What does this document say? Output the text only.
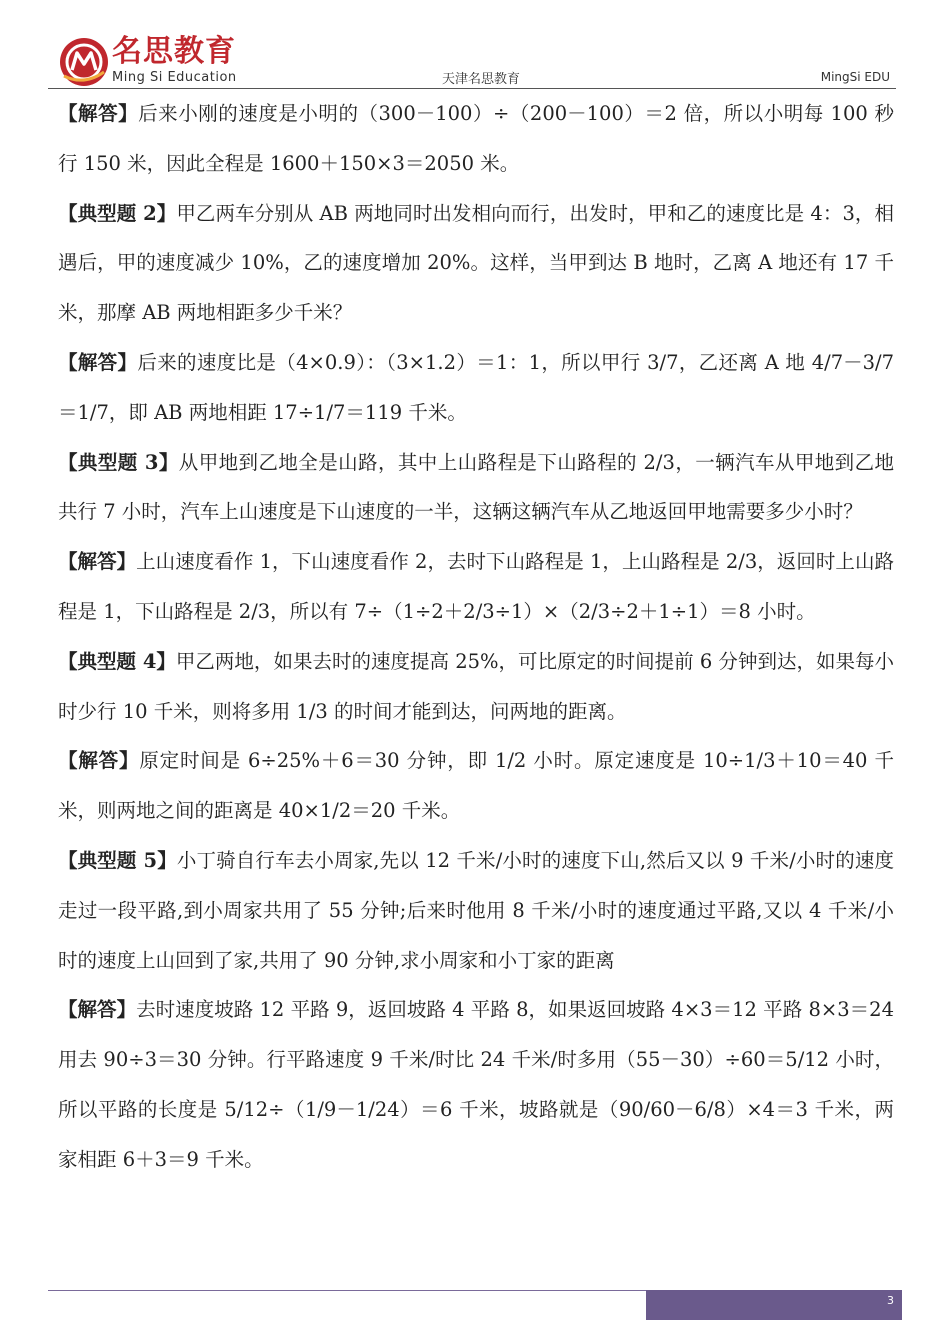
名思教育
Ming Si Education	天津名思教育	MingSi EDU

【解答】后来小刚的速度是小明的（300－100）÷（200－100）＝2 倍，所以小明每 100 秒行 150 米，因此全程是 1600＋150×3＝2050 米。

【典型题 2】甲乙两车分别从 AB 两地同时出发相向而行，出发时，甲和乙的速度比是 4：3，相遇后，甲的速度减少 10%，乙的速度增加 20%。这样，当甲到达 B 地时，乙离 A 地还有 17 千米，那摩 AB 两地相距多少千米？

【解答】后来的速度比是（4×0.9）：（3×1.2）＝1：1，所以甲行 3/7，乙还离 A 地 4/7－3/7＝1/7，即 AB 两地相距 17÷1/7＝119 千米。

【典型题 3】从甲地到乙地全是山路，其中上山路程是下山路程的 2/3，一辆汽车从甲地到乙地共行 7 小时，汽车上山速度是下山速度的一半，这辆这辆汽车从乙地返回甲地需要多少小时？

【解答】上山速度看作 1，下山速度看作 2，去时下山路程是 1，上山路程是 2/3，返回时上山路程是 1，下山路程是 2/3，所以有 7÷（1÷2＋2/3÷1）×（2/3÷2＋1÷1）＝8 小时。

【典型题 4】甲乙两地，如果去时的速度提高 25%，可比原定的时间提前 6 分钟到达，如果每小时少行 10 千米，则将多用 1/3 的时间才能到达，问两地的距离。

【解答】原定时间是 6÷25%＋6＝30 分钟，即 1/2 小时。原定速度是 10÷1/3＋10＝40 千米，则两地之间的距离是 40×1/2＝20 千米。

【典型题 5】小丁骑自行车去小周家,先以 12 千米/小时的速度下山,然后又以 9 千米/小时的速度走过一段平路,到小周家共用了 55 分钟;后来时他用 8 千米/小时的速度通过平路,又以 4 千米/小时的速度上山回到了家,共用了 90 分钟,求小周家和小丁家的距离

【解答】去时速度坡路 12 平路 9，返回坡路 4 平路 8，如果返回坡路 4×3＝12 平路 8×3＝24 用去 90÷3＝30 分钟。行平路速度 9 千米/时比 24 千米/时多用（55－30）÷60＝5/12 小时，所以平路的长度是 5/12÷（1/9－1/24）＝6 千米，坡路就是（90/60－6/8）×4＝3 千米，两家相距 6＋3＝9 千米。

3
